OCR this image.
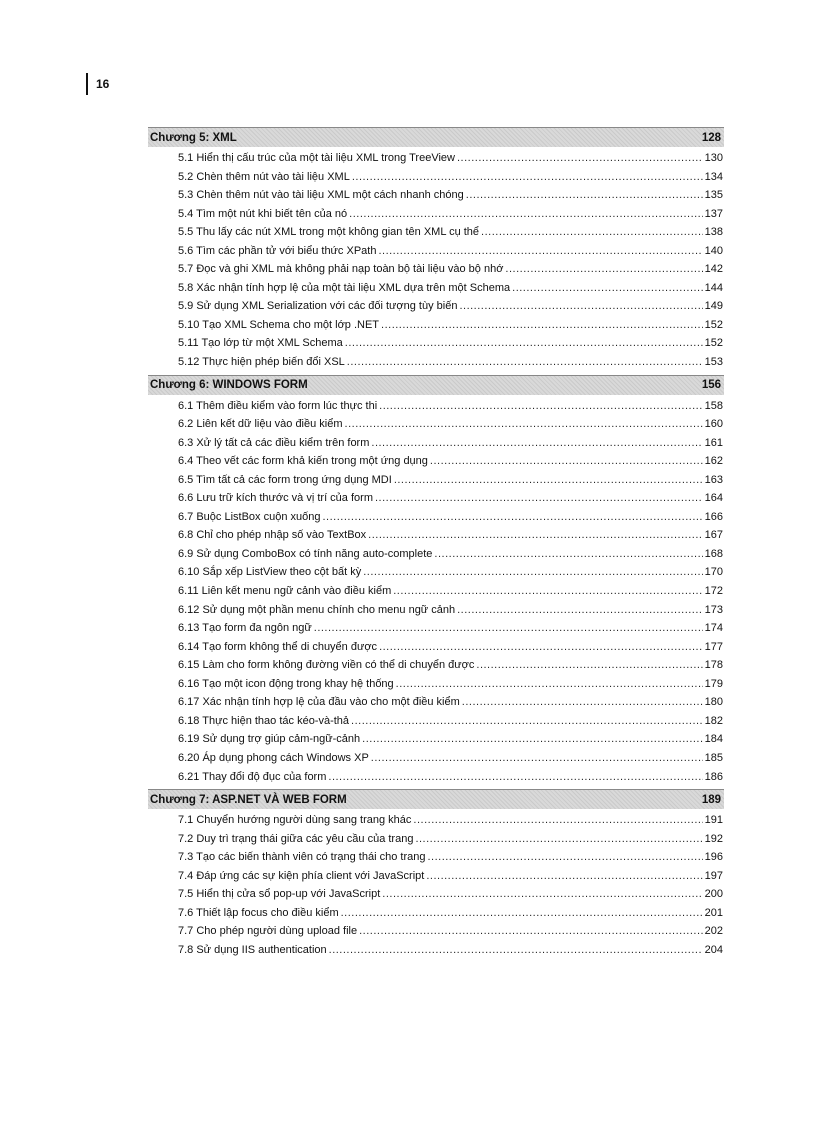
16
Chương 5: XML	128
5.1 Hiển thị cấu trúc của một tài liệu XML trong TreeView .....	130
5.2 Chèn thêm nút vào tài liệu XML .....	134
5.3 Chèn thêm nút vào tài liệu XML một cách nhanh chóng .....	135
5.4 Tìm một nút khi biết tên của nó .....	137
5.5 Thu lấy các nút XML trong một không gian tên XML cụ thể .....	138
5.6 Tìm các phần tử với biểu thức XPath .....	140
5.7 Đọc và ghi XML mà không phải nạp toàn bộ tài liệu vào bộ nhớ .....	142
5.8 Xác nhận tính hợp lệ của một tài liệu XML dựa trên một Schema .....	144
5.9 Sử dụng XML Serialization với các đối tượng tùy biến .....	149
5.10 Tạo XML Schema cho một lớp .NET .....	152
5.11 Tạo lớp từ một XML Schema .....	152
5.12 Thực hiện phép biến đổi XSL .....	153
Chương 6: WINDOWS FORM	156
6.1 Thêm điều kiểm vào form lúc thực thi .....	158
6.2 Liên kết dữ liệu vào điều kiểm .....	160
6.3 Xử lý tất cả các điều kiểm trên form .....	161
6.4 Theo vết các form khả kiến trong một ứng dụng .....	162
6.5 Tìm tất cả các form trong ứng dụng MDI .....	163
6.6 Lưu trữ kích thước và vị trí của form .....	164
6.7 Buộc ListBox cuộn xuống .....	166
6.8 Chỉ cho phép nhập số vào TextBox .....	167
6.9 Sử dụng ComboBox có tính năng auto-complete .....	168
6.10 Sắp xếp ListView theo cột bất kỳ .....	170
6.11 Liên kết menu ngữ cảnh vào điều kiểm .....	172
6.12 Sử dụng một phần menu chính cho menu ngữ cảnh .....	173
6.13 Tạo form đa ngôn ngữ .....	174
6.14 Tạo form không thể di chuyển được .....	177
6.15 Làm cho form không đường viền có thể di chuyển được .....	178
6.16 Tạo một icon động trong khay hệ thống .....	179
6.17 Xác nhận tính hợp lệ của đầu vào cho một điều kiểm .....	180
6.18 Thực hiện thao tác kéo-và-thả .....	182
6.19 Sử dụng trợ giúp cảm-ngữ-cảnh .....	184
6.20 Áp dụng phong cách Windows XP .....	185
6.21 Thay đổi độ đục của form .....	186
Chương 7: ASP.NET VÀ WEB FORM	189
7.1 Chuyển hướng người dùng sang trang khác .....	191
7.2 Duy trì trạng thái giữa các yêu cầu của trang .....	192
7.3 Tạo các biến thành viên có trạng thái cho trang .....	196
7.4 Đáp ứng các sự kiện phía client với JavaScript .....	197
7.5 Hiển thị cửa sổ pop-up với JavaScript .....	200
7.6 Thiết lập focus cho điều kiểm .....	201
7.7 Cho phép người dùng upload file .....	202
7.8 Sử dụng IIS authentication .....	204
